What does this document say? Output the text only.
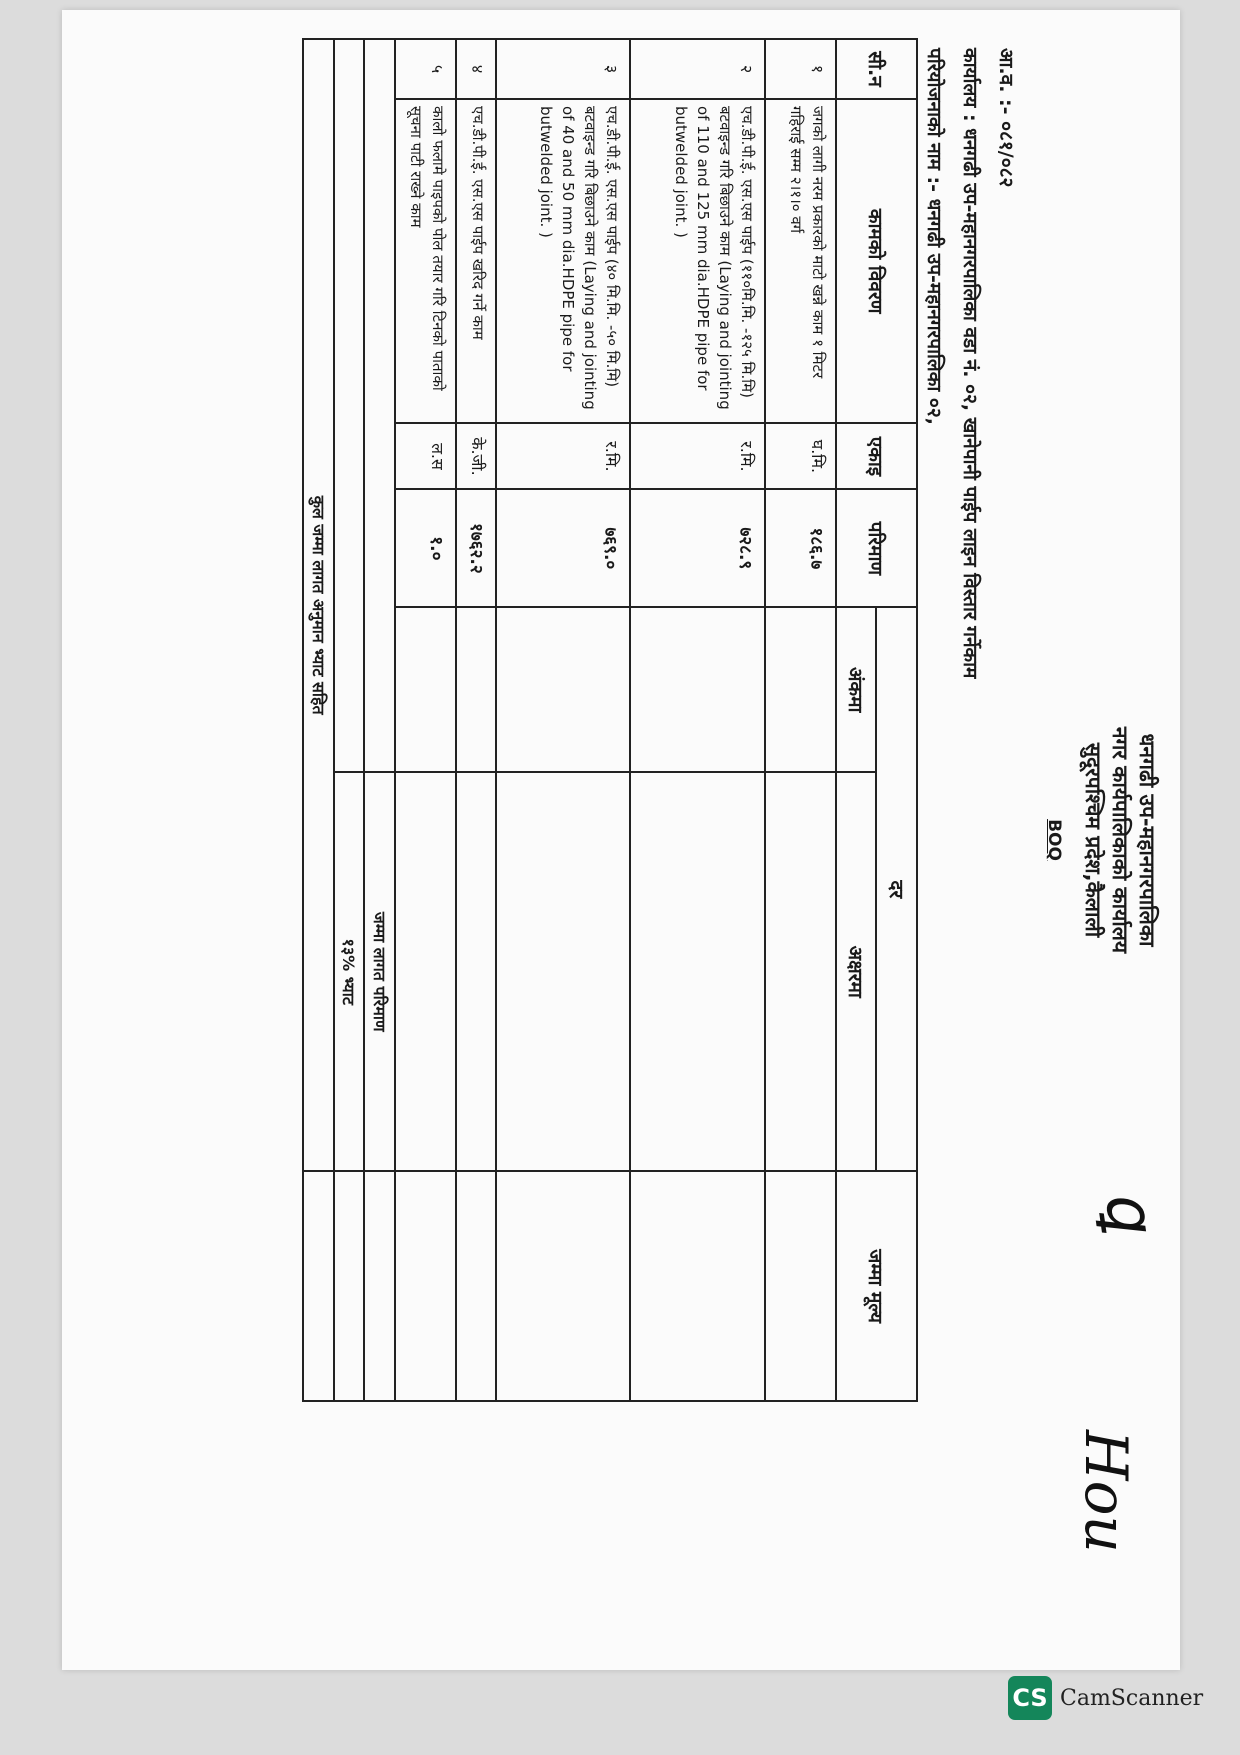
धनगढी उप-महानगरपालिका
नगर कार्यपालिकाको कार्यालय
सुदूरपश्चिम प्रदेश,कैलाली
BOQ
ꝗ
Hou
आ.व. :- ०८१/०८२
कार्यालय : धनगढी उप-महानगरपालिका वडा नं. ०२, खानेपानी पाईप लाइन विस्तार गर्नेकाम
परियोजनाको नाम :- धनगढी उप-महानगरपालिका ०२,
सी.न	कामको विवरण	एकाइ	परिमाण	दर		जम्मा मूल्य
				अंकमा	अक्षरमा	
१	जगको लागी नरम प्रकारको माटो खन्ने काम १ मिटर गहिराई सम्म २।१।० वर्ग	घ.मि.	१८६.७			
२	एच.डी.पी.ई. एस.एस पाईप (११०मि.मि. -१२५ मि.मि) बटवाइन्ड गरि बिछाउने काम (Laying and jointing of 110 and 125 mm dia.HDPE pipe for butwelded joint. )	र.मि.	७२८.९			
३	एच.डी.पी.ई. एस.एस पाईप (४० मि.मि. -५० मि.मि) बटवाइन्ड गरि बिछाउने काम (Laying and jointing of 40 and 50 mm dia.HDPE pipe for butwelded joint. )	र.मि.	७६९.०			
४	एच.डी.पी.ई. एस.एस पाईप खरिद गर्ने काम	के.जी.	१७६२.२			
५	कालो फलामे पाइपको पोल तयार गरि टिनको पाताको सूचना पाटी राख्ने काम	ल.स	१.०			
					जम्मा लागत परिमाण	
					१३% भ्याट	
कुल जम्मा लागत अनुमान भ्याट सहित						
CS CamScanner
